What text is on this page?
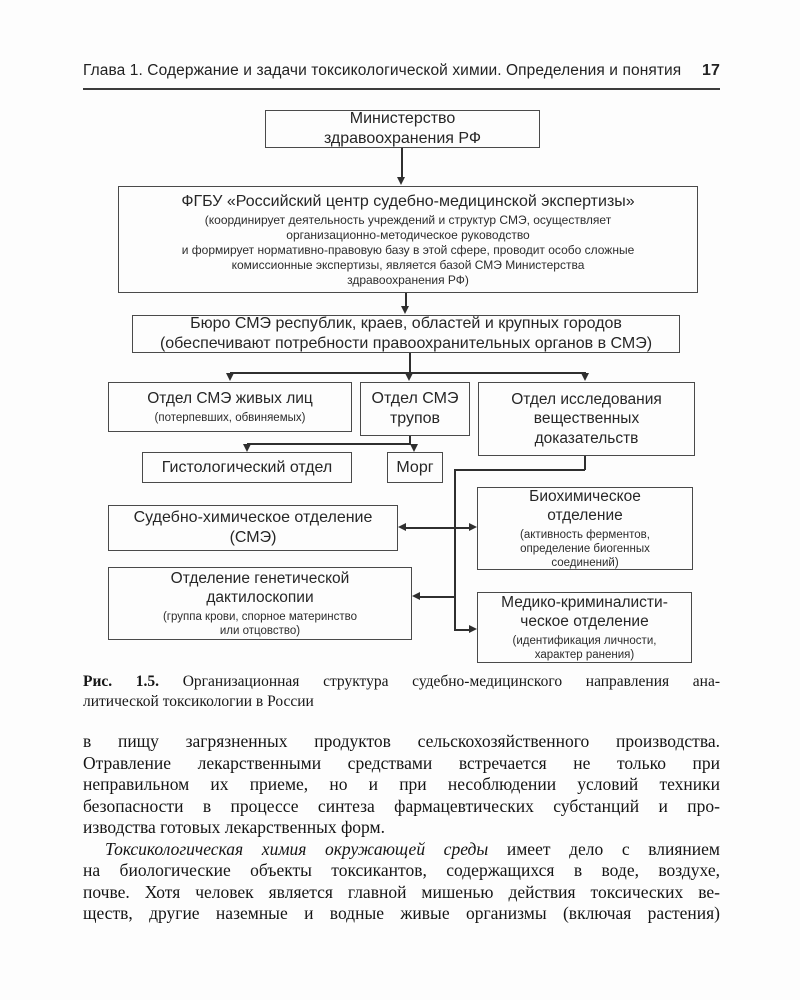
Глава 1. Содержание и задачи токсикологической химии. Определения и понятия 17
Министерство
здравоохранения РФ
ФГБУ «Российский центр судебно-медицинской экспертизы»
(координирует деятельность учреждений и структур СМЭ, осуществляет
организационно-методическое руководство
и формирует нормативно-правовую базу в этой сфере, проводит особо сложные
комиссионные экспертизы, является базой СМЭ Министерства
здравоохранения РФ)
Бюро СМЭ республик, краев, областей и крупных городов
(обеспечивают потребности правоохранительных органов в СМЭ)
Отдел СМЭ живых лиц
(потерпевших, обвиняемых)
Отдел СМЭ
трупов
Отдел исследования
вещественных
доказательств
Гистологический отдел	Морг
Судебно-химическое отделение
(СМЭ)
Биохимическое
отделение
(активность ферментов,
определение биогенных
соединений)
Отделение генетической
дактилоскопии
(группа крови, спорное материнство
или отцовство)
Медико-криминалисти-
ческое отделение
(идентификация личности,
характер ранения)
Рис. 1.5. Организационная структура судебно-медицинского направления ана-
литической токсикологии в России
в пищу загрязненных продуктов сельскохозяйственного производства.
Отравление лекарственными средствами встречается не только при
неправильном их приеме, но и при несоблюдении условий техники
безопасности в процессе синтеза фармацевтических субстанций и про-
изводства готовых лекарственных форм.
Токсикологическая химия окружающей среды имеет дело с влиянием
на биологические объекты токсикантов, содержащихся в воде, воздухе,
почве. Хотя человек является главной мишенью действия токсических ве-
ществ, другие наземные и водные живые организмы (включая растения)
